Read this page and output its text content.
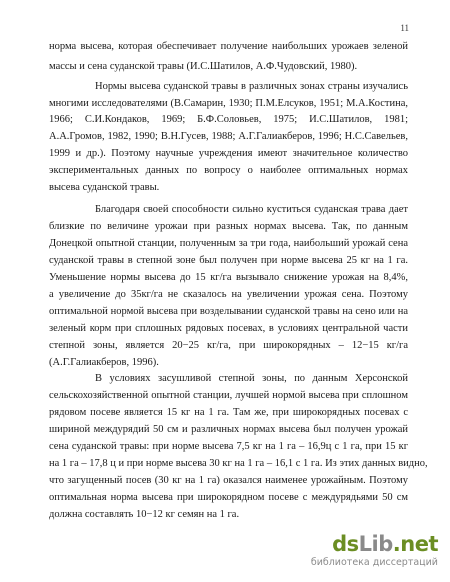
11
норма высева, которая обеспечивает получение наибольших урожаев зеленой
массы и сена суданской травы (И.С.Шатилов, А.Ф.Чудовский, 1980).
Нормы высева суданской травы в различных зонах страны изучались
многими исследователями (В.Самарин, 1930; П.М.Елсуков, 1951; М.А.Костина,
1966; С.И.Кондаков, 1969; Б.Ф.Соловьев, 1975; И.С.Шатилов, 1981;
А.А.Громов, 1982, 1990; В.Н.Гусев, 1988; А.Г.Галиакберов, 1996; Н.С.Савельев,
1999 и др.). Поэтому научные учреждения имеют значительное количество
экспериментальных данных по вопросу о наиболее оптимальных нормах
высева суданской травы.
Благодаря своей способности сильно куститься суданская трава дает
близкие по величине урожаи при разных нормах высева. Так, по данным
Донецкой опытной станции, полученным за три года, наибольший урожай сена
суданской травы в степной зоне был получен при норме высева 25 кг на 1 га.
Уменьшение нормы высева до 15 кг/га вызывало снижение урожая на 8,4%,
а увеличение до 35кг/га не сказалось на увеличении урожая сена. Поэтому
оптимальной нормой высева при возделывании суданской травы на сено или на
зеленый корм при сплошных рядовых посевах, в условиях центральной части
степной зоны, является 20−25 кг/га, при широкорядных – 12−15 кг/га
(А.Г.Галиакберов, 1996).
В условиях засушливой степной зоны, по данным Херсонской
сельскохозяйственной опытной станции, лучшей нормой высева при сплошном
рядовом посеве является 15 кг на 1 га. Там же, при широкорядных посевах с
шириной междурядий 50 см и различных нормах высева был получен урожай
сена суданской травы: при норме высева 7,5 кг на 1 га – 16,9ц с 1 га, при 15 кг
на 1 га – 17,8 ц и при норме высева 30 кг на 1 га – 16,1 с 1 га. Из этих данных видно,
что загущенный посев (30 кг на 1 га) оказался наименее урожайным. Поэтому
оптимальная норма высева при широкорядном посеве с междурядьями 50 см
должна составлять 10−12 кг семян на 1 га.
dsLib.net
библиотека диссертаций
